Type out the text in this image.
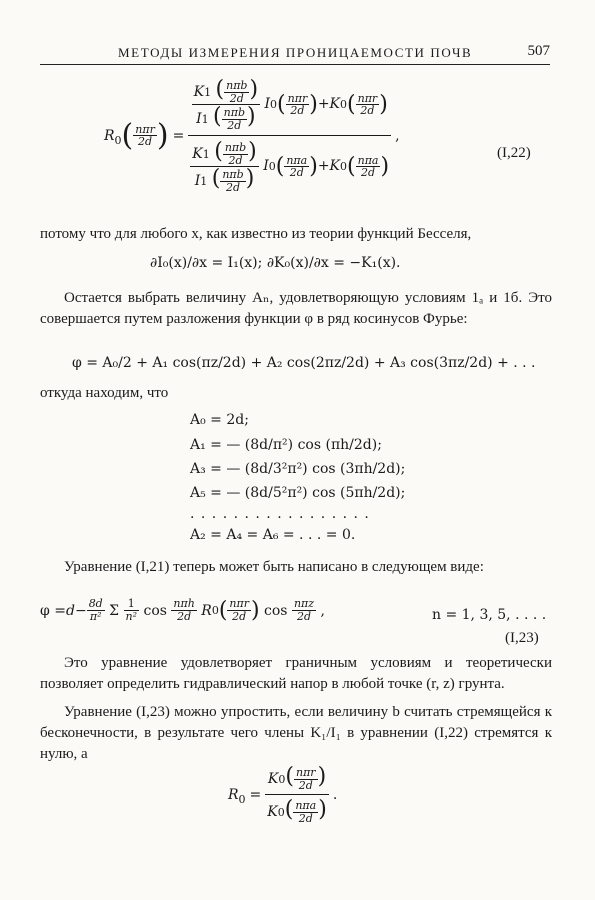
МЕТОДЫ ИЗМЕРЕНИЯ ПРОНИЦАЕМОСТИ ПОЧВ	507
R 0 ( $\frac{\text{nπr}}{2d}$ ) = $\frac{K1 ( \frac{\text{nπb}}{2d} )}{I1 ( \frac{\text{nπb}}{2d} )}$
I 0 ( $\frac{\text{nπr}}{2d}$ ) + K 0 ( $\frac{\text{nπr}}{2d}$ )
$\frac{K1 ( \frac{\text{nπb}}{2d} )}{I1 ( \frac{\text{nπb}}{2d} )}$
I 0 ( $\frac{\text{nπa}}{2d}$ ) + K 0 ( $\frac{\text{nπa}}{2d}$ ) ,
(I,22)
потому что для любого x, как известно из теории функций Бесселя,
∂I₀(x)/∂x = I₁(x); ∂K₀(x)/∂x = −K₁(x).
Остается выбрать величину Aₙ, удовлетворяющую условиям 1ₐ и 1б. Это совершается путем разложения функции φ в ряд косинусов Фурье:
φ = A₀/2 + A₁ cos(πz/2d) + A₂ cos(2πz/2d) + A₃ cos(3πz/2d) + . . .
откуда находим, что
A₀ = 2d;
A₁ = — (8d/π²) cos (πh/2d);
A₃ = — (8d/3²π²) cos (3πh/2d);
A₅ = — (8d/5²π²) cos (5πh/2d);
. . . . . . . . . . . . . . . . .
A₂ = A₄ = A₆ = . . . = 0.
Уравнение (I,21) теперь может быть написано в следующем виде:
$\varphi = d - \frac{8d}{\text{π²}}$ Σ $\frac{1}{\text{n²}}$ $\cos \frac{\text{nπh}}{2d}$
R 0 ( $\frac{\text{nπr}}{2d}$ ) $\cos \frac{\text{nπz}}{2d}$ ,	n = 1, 3, 5, . . . .
(I,23)
Это уравнение удовлетворяет граничным условиям и теоретически позволяет определить гидравлический напор в любой точке (r, z) грунта.
Уравнение (I,23) можно упростить, если величину b считать стремящейся к бесконечности, в результате чего члены K₁/I₁ в уравнении (I,22) стремятся к нулю, а
R $0 = \frac{K0( \frac{\text{nπr}}{2d} )}{K0( \frac{\text{nπa}}{2d} )}$ .
